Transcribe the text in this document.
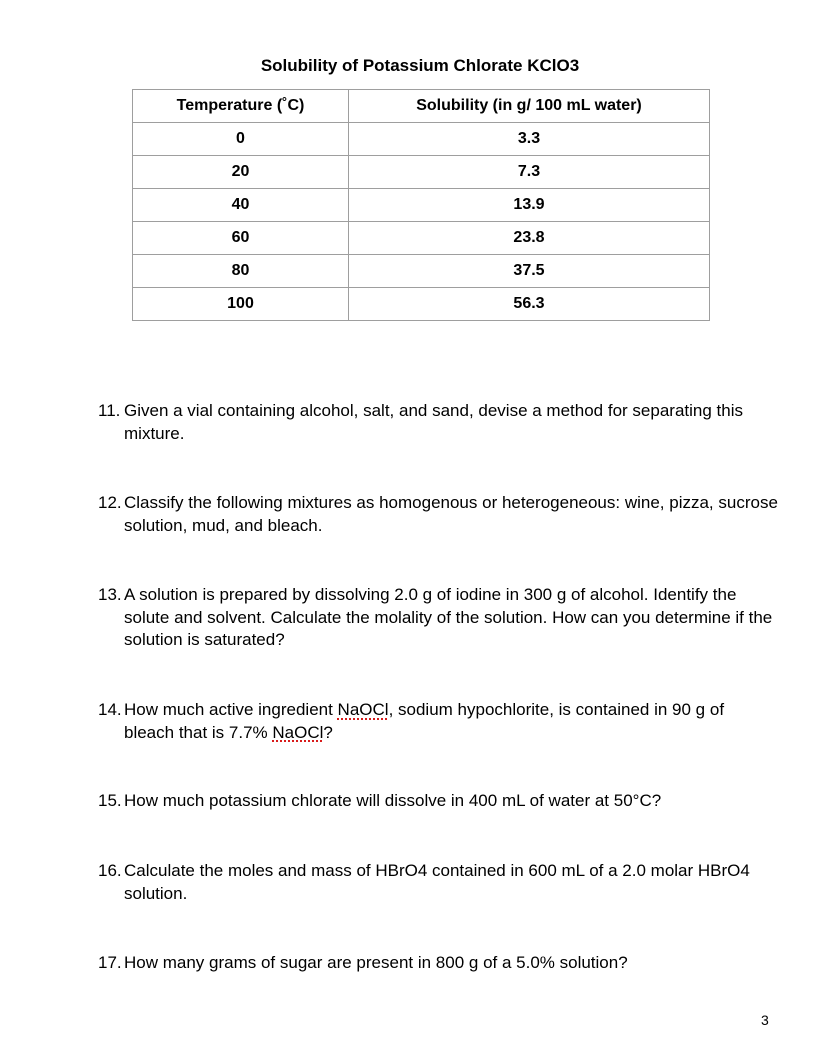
Solubility of Potassium Chlorate KClO3
Temperature (˚C)	Solubility (in g/ 100 mL water)
0	3.3
20	7.3
40	13.9
60	23.8
80	37.5
100	56.3
11. Given a vial containing alcohol, salt, and sand, devise a method for separating this mixture.
12. Classify the following mixtures as homogenous or heterogeneous: wine, pizza, sucrose solution, mud, and bleach.
13. A solution is prepared by dissolving 2.0 g of iodine in 300 g of alcohol. Identify the solute and solvent. Calculate the molality of the solution. How can you determine if the solution is saturated?
14. How much active ingredient NaOCl, sodium hypochlorite, is contained in 90 g of bleach that is 7.7% NaOCl?
15. How much potassium chlorate will dissolve in 400 mL of water at 50°C?
16. Calculate the moles and mass of HBrO4 contained in 600 mL of a 2.0 molar HBrO4 solution.
17. How many grams of sugar are present in 800 g of a 5.0% solution?
3
